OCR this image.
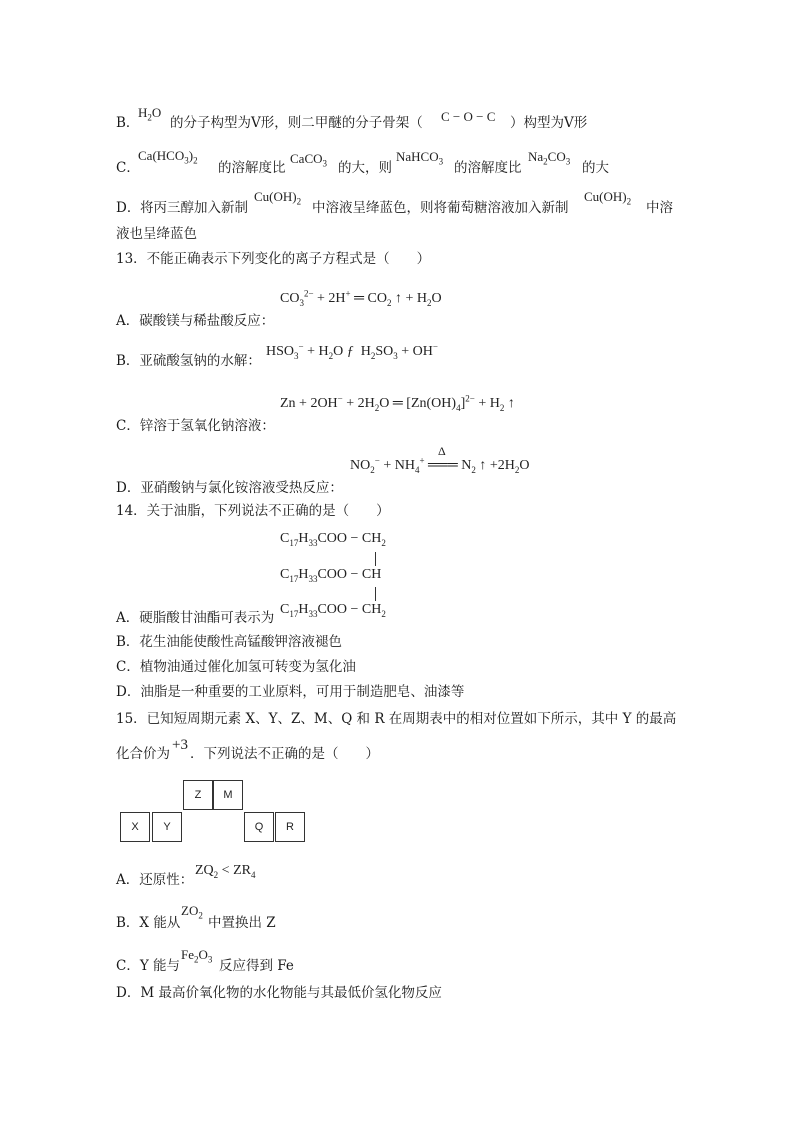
B．
$H_2O$
的分子构型为Ⅴ形，则二甲醚的分子骨架（ C − O − C ）构型为Ⅴ形
C．
$Ca(HCO_3)_2$ 的溶解度比
CaCO$_3$ 的大，则
NaHCO$_3$ 的溶解度比
$Na_2CO_3$ 的大
D． 将丙三醇加入新制
$Cu(OH)_2$ 中溶液呈绛蓝色，则将葡萄糖溶液加入新制
$Cu(OH)_2$ 中溶
液也呈绛蓝色
13．不能正确表示下列变化的离子方程式是（　　）
$CO_3^{2-} + 2H^+$ ═ $CO_2$ ↑ + $H_2O$
A．碳酸镁与稀盐酸反应：
B．亚硫酸氢钠的水解：
$HSO_3^- + H_2O$ ƒ  $H_2SO_3 + OH^-$
$Zn + 2OH^- + 2H_2O$ ═ $[Zn(OH)_4]^{2-} + H_2$ ↑
C．锌溶于氢氧化钠溶液：
Δ
$NO_2^- + NH_4^+$ ═══ $N_2$ ↑ $+2H_2O$
D．亚硝酸钠与氯化铵溶液受热反应：
14．关于油脂，下列说法不正确的是（　　）
$C_{17}H_{33}COO - CH_2$
$C_{17}H_{33}COO$ − CH
$C_{17}H_{33}COO - CH_2$
A．硬脂酸甘油酯可表示为
B．花生油能使酸性高锰酸钾溶液褪色
C．植物油通过催化加氢可转变为氢化油
D．油脂是一种重要的工业原料，可用于制造肥皂、油漆等
15．已知短周期元素 X、Y、Z、M、Q 和 R 在周期表中的相对位置如下所示，其中 Y 的最高
化合价为
+3
．下列说法不正确的是（　　）
Z	M
X	Y	Q	R
A．还原性：
$ZQ_2 < ZR_4$
B．X 能从
$ZO_2$ 中置换出 Z
C．Y 能与
$Fe_2O_3$ 反应得到 Fe
D．M 最高价氧化物的水化物能与其最低价氢化物反应
